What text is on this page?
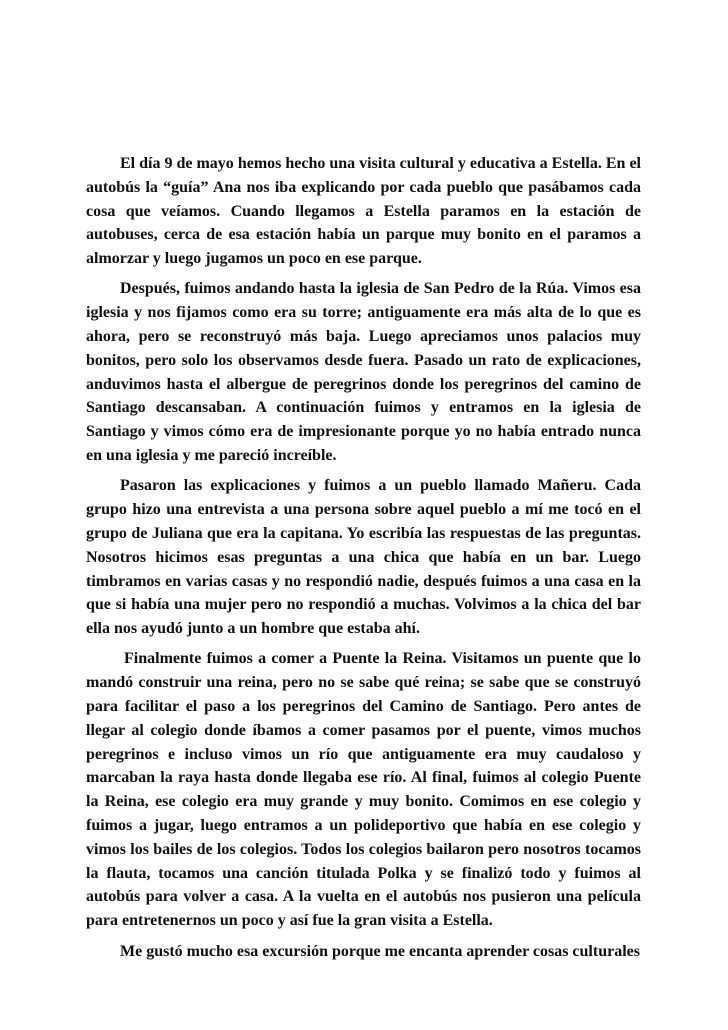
El día 9 de mayo hemos hecho una visita cultural y educativa a Estella. En el autobús la “guía” Ana nos iba explicando por cada pueblo que pasábamos cada cosa que veíamos. Cuando llegamos a Estella paramos en la estación de autobuses, cerca de esa estación había un parque muy bonito en el paramos a almorzar y luego jugamos un poco en ese parque.

Después, fuimos andando hasta la iglesia de San Pedro de la Rúa. Vimos esa iglesia y nos fijamos como era su torre; antiguamente era más alta de lo que es ahora, pero se reconstruyó más baja. Luego apreciamos unos palacios muy bonitos, pero solo los observamos desde fuera. Pasado un rato de explicaciones, anduvimos hasta el albergue de peregrinos donde los peregrinos del camino de Santiago descansaban. A continuación fuimos y entramos en la iglesia de Santiago y vimos cómo era de impresionante porque yo no había entrado nunca en una iglesia y me pareció increíble.

Pasaron las explicaciones y fuimos a un pueblo llamado Mañeru. Cada grupo hizo una entrevista a una persona sobre aquel pueblo a mí me tocó en el grupo de Juliana que era la capitana. Yo escribía las respuestas de las preguntas. Nosotros hicimos esas preguntas a una chica que había en un bar. Luego timbramos en varias casas y no respondió nadie, después fuimos a una casa en la que si había una mujer pero no respondió a muchas. Volvimos a la chica del bar ella nos ayudó junto a un hombre que estaba ahí.

Finalmente fuimos a comer a Puente la Reina. Visitamos un puente que lo mandó construir una reina, pero no se sabe qué reina; se sabe que se construyó para facilitar el paso a los peregrinos del Camino de Santiago. Pero antes de llegar al colegio donde íbamos a comer pasamos por el puente, vimos muchos peregrinos e incluso vimos un río que antiguamente era muy caudaloso y marcaban la raya hasta donde llegaba ese río. Al final, fuimos al colegio Puente la Reina, ese colegio era muy grande y muy bonito. Comimos en ese colegio y fuimos a jugar, luego entramos a un polideportivo que había en ese colegio y vimos los bailes de los colegios. Todos los colegios bailaron pero nosotros tocamos la flauta, tocamos una canción titulada Polka y se finalizó todo y fuimos al autobús para volver a casa. A la vuelta en el autobús nos pusieron una película para entretenernos un poco y así fue la gran visita a Estella.

Me gustó mucho esa excursión porque me encanta aprender cosas culturales
